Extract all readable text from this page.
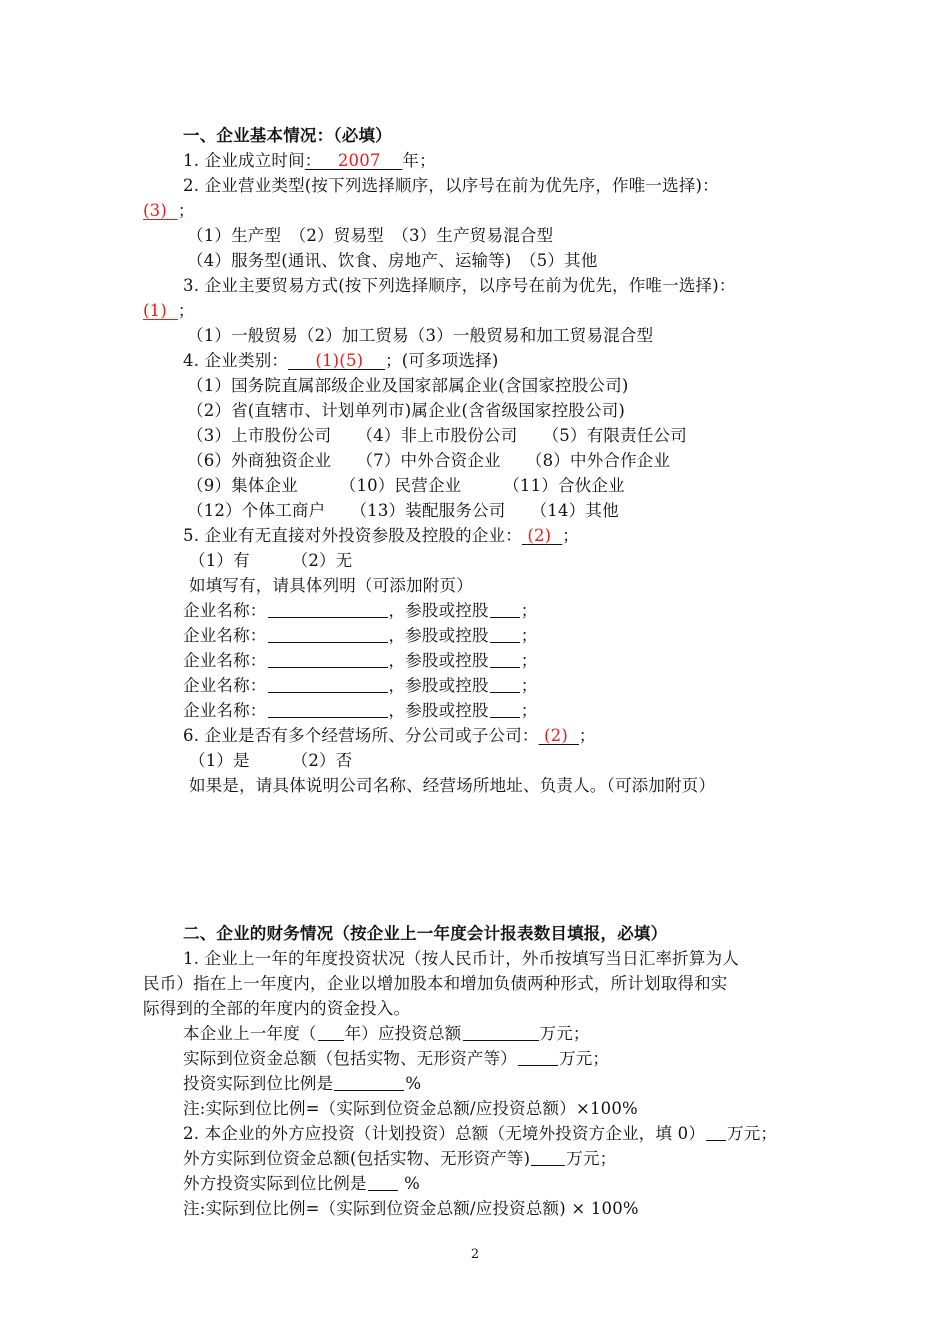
一、企业基本情况：（必填）
1. 企业成立时间： 2007 年；
2. 企业营业类型(按下列选择顺序，以序号在前为优先序，作唯一选择)：
(3) ；
（1）生产型　（2）贸易型　（3）生产贸易混合型
（4）服务型(通讯、饮食、房地产、运输等)　（5）其他
3. 企业主要贸易方式(按下列选择顺序，以序号在前为优先，作唯一选择)：
(1) ；
（1）一般贸易（2）加工贸易（3）一般贸易和加工贸易混合型
4. 企业类别： (1)(5) ；(可多项选择)
（1）国务院直属部级企业及国家部属企业(含国家控股公司)
（2）省(直辖市、计划单列市)属企业(含省级国家控股公司)
（3）上市股份公司　　（4）非上市股份公司　　（5）有限责任公司
（6）外商独资企业　　（7）中外合资企业　　（8）中外合作企业
（9）集体企业　　　（10）民营企业　　　（11）合伙企业
（12）个体工商户　　（13）装配服务公司　　（14）其他
5. 企业有无直接对外投资参股及控股的企业： (2) ；
（1）有　　　（2）无
如填写有，请具体列明（可添加附页）
企业名称：	，参股或控股 ；
企业名称：	，参股或控股 ；
企业名称：	，参股或控股 ；
企业名称：	，参股或控股 ；
企业名称：	，参股或控股 ；
6. 企业是否有多个经营场所、分公司或子公司： (2) ；
（1）是　　　（2）否
如果是，请具体说明公司名称、经营场所地址、负责人。（可添加附页）
二、企业的财务情况（按企业上一年度会计报表数目填报，必填）
1. 企业上一年的年度投资状况（按人民币计，外币按填写当日汇率折算为人
民币）指在上一年度内，企业以增加股本和增加负债两种形式，所计划取得和实
际得到的全部的年度内的资金投入。
本企业上一年度（ 年）应投资总额	万元；
实际到位资金总额（包括实物、无形资产等）	万元；
投资实际到位比例是	%
注:实际到位比例=（实际到位资金总额/应投资总额）×100%
2. 本企业的外方应投资（计划投资）总额（无境外投资方企业，填 0） 万元；
外方实际到位资金总额(包括实物、无形资产等) 万元；
外方投资实际到位比例是 %
注:实际到位比例=（实际到位资金总额/应投资总额) × 100%
2
